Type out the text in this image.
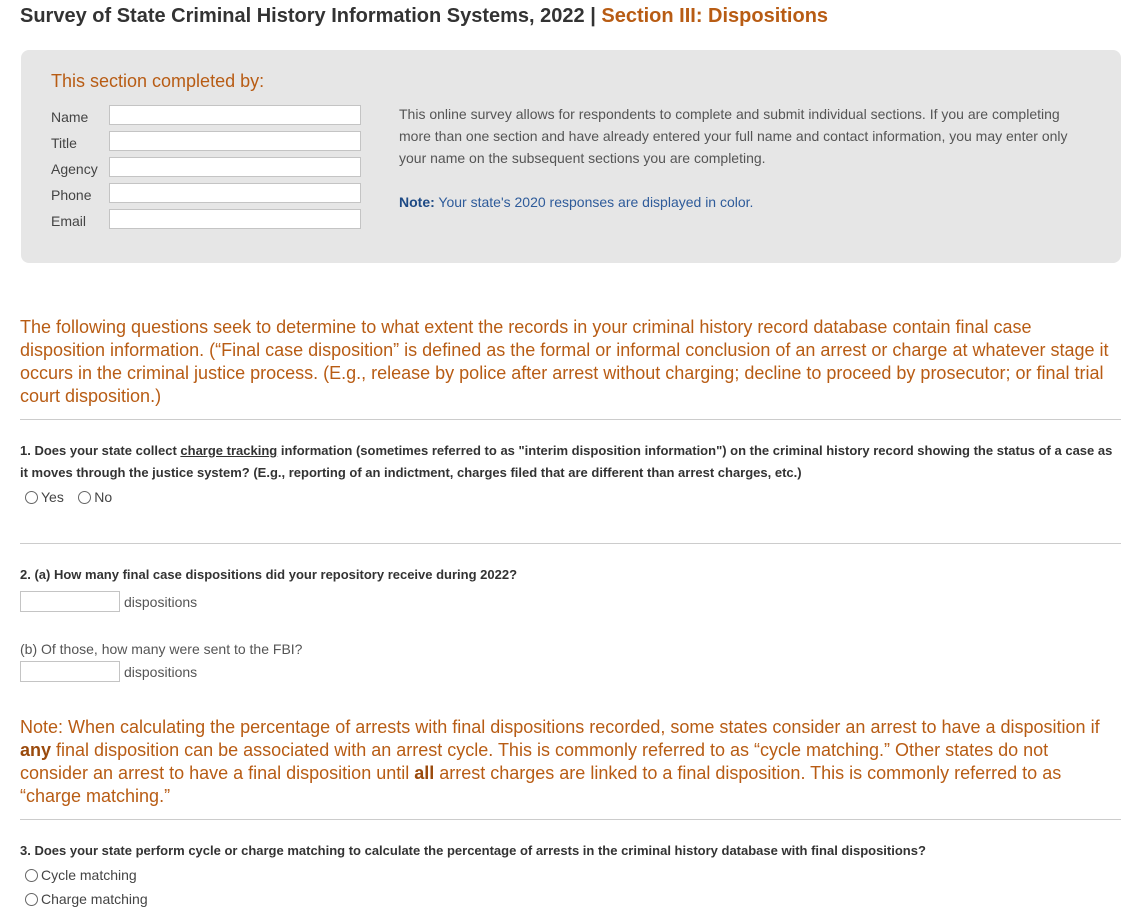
Survey of State Criminal History Information Systems, 2022 | Section III: Dispositions
This section completed by:
Name
Title
Agency
Phone
Email
This online survey allows for respondents to complete and submit individual sections. If you are completing more than one section and have already entered your full name and contact information, you may enter only your name on the subsequent sections you are completing.
Note: Your state's 2020 responses are displayed in color.
The following questions seek to determine to what extent the records in your criminal history record database contain final case disposition information. (“Final case disposition” is defined as the formal or informal conclusion of an arrest or charge at whatever stage it occurs in the criminal justice process. (E.g., release by police after arrest without charging; decline to proceed by prosecutor; or final trial court disposition.)
1. Does your state collect charge tracking information (sometimes referred to as "interim disposition information") on the criminal history record showing the status of a case as it moves through the justice system? (E.g., reporting of an indictment, charges filed that are different than arrest charges, etc.)
Yes
No
2. (a) How many final case dispositions did your repository receive during 2022?
dispositions
(b) Of those, how many were sent to the FBI?
dispositions
Note: When calculating the percentage of arrests with final dispositions recorded, some states consider an arrest to have a disposition if any final disposition can be associated with an arrest cycle. This is commonly referred to as “cycle matching.” Other states do not consider an arrest to have a final disposition until all arrest charges are linked to a final disposition. This is commonly referred to as “charge matching.”
3. Does your state perform cycle or charge matching to calculate the percentage of arrests in the criminal history database with final dispositions?
Cycle matching
Charge matching
